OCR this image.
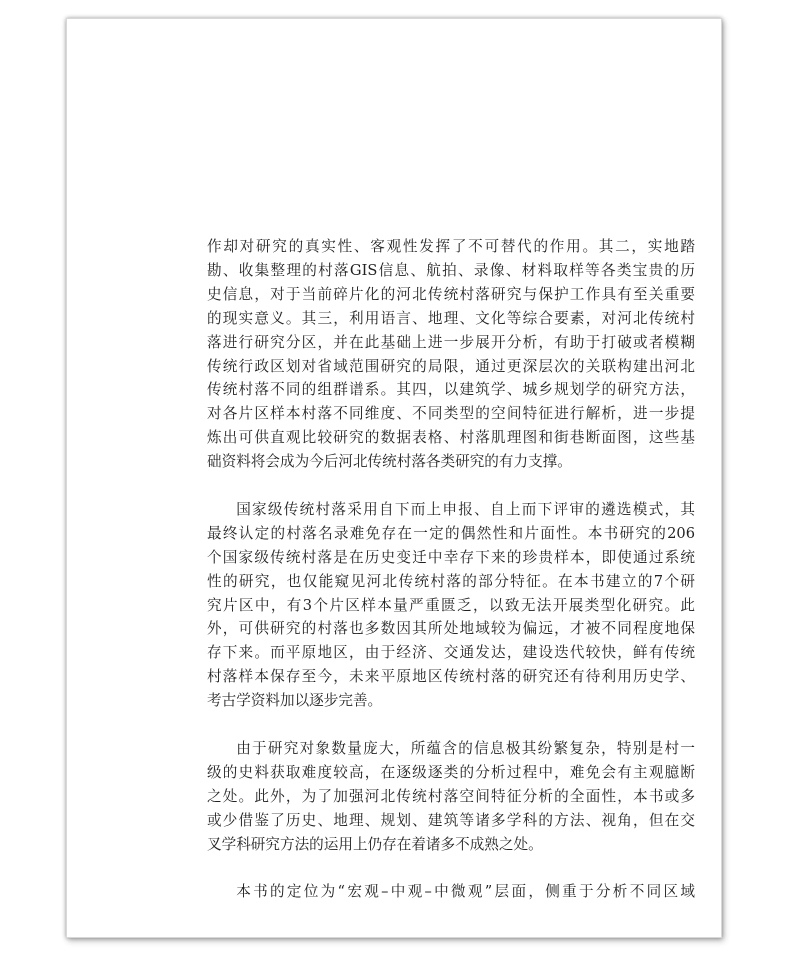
作却对研究的真实性、客观性发挥了不可替代的作用。其二，实地踏
勘、收集整理的村落GIS信息、航拍、录像、材料取样等各类宝贵的历
史信息，对于当前碎片化的河北传统村落研究与保护工作具有至关重要
的现实意义。其三，利用语言、地理、文化等综合要素，对河北传统村
落进行研究分区，并在此基础上进一步展开分析，有助于打破或者模糊
传统行政区划对省域范围研究的局限，通过更深层次的关联构建出河北
传统村落不同的组群谱系。其四，以建筑学、城乡规划学的研究方法，
对各片区样本村落不同维度、不同类型的空间特征进行解析，进一步提
炼出可供直观比较研究的数据表格、村落肌理图和街巷断面图，这些基
础资料将会成为今后河北传统村落各类研究的有力支撑。
国家级传统村落采用自下而上申报、自上而下评审的遴选模式，其
最终认定的村落名录难免存在一定的偶然性和片面性。本书研究的206
个国家级传统村落是在历史变迁中幸存下来的珍贵样本，即使通过系统
性的研究，也仅能窥见河北传统村落的部分特征。在本书建立的7个研
究片区中，有3个片区样本量严重匮乏，以致无法开展类型化研究。此
外，可供研究的村落也多数因其所处地域较为偏远，才被不同程度地保
存下来。而平原地区，由于经济、交通发达，建设迭代较快，鲜有传统
村落样本保存至今，未来平原地区传统村落的研究还有待利用历史学、
考古学资料加以逐步完善。
由于研究对象数量庞大，所蕴含的信息极其纷繁复杂，特别是村一
级的史料获取难度较高，在逐级逐类的分析过程中，难免会有主观臆断
之处。此外，为了加强河北传统村落空间特征分析的全面性，本书或多
或少借鉴了历史、地理、规划、建筑等诸多学科的方法、视角，但在交
叉学科研究方法的运用上仍存在着诸多不成熟之处。
本书的定位为“宏观–中观–中微观”层面，侧重于分析不同区域
